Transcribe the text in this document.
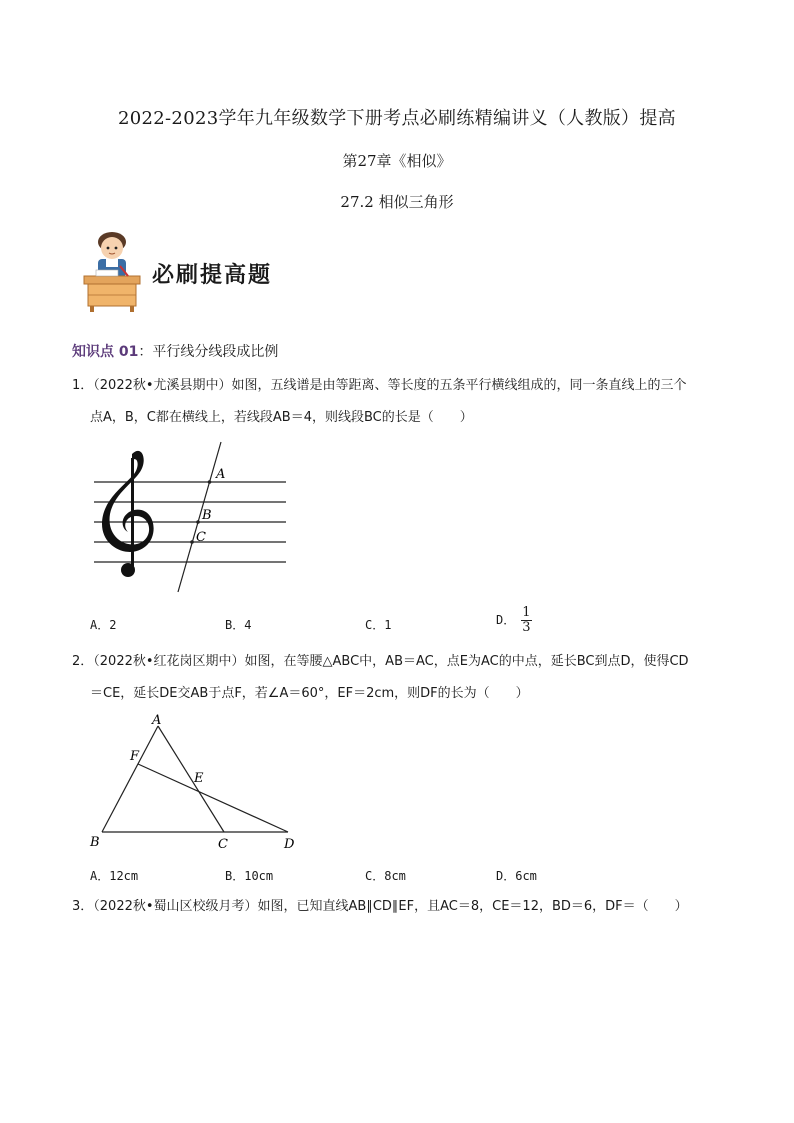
2022-2023学年九年级数学下册考点必刷练精编讲义（人教版）提高
第27章《相似》
27.2 相似三角形
必刷提高题
知识点 01：平行线分线段成比例
1．（2022秋•尤溪县期中）如图，五线谱是由等距离、等长度的五条平行横线组成的，同一条直线上的三个
点A，B，C都在横线上，若线段AB＝4，则线段BC的长是（　　）
A
B
C
A．2	B．4	C．1	D． $\frac{1}{3}$
2．（2022秋•红花岗区期中）如图，在等腰△ABC中，AB＝AC，点E为AC的中点，延长BC到点D，使得CD
＝CE，延长DE交AB于点F，若∠A＝60°，EF＝2cm，则DF的长为（　　）
A
F
E
B	C	D
A．12cm	B．10cm	C．8cm	D．6cm
3．（2022秋•蜀山区校级月考）如图，已知直线AB∥CD∥EF，且AC＝8，CE＝12，BD＝6，DF＝（　　）
